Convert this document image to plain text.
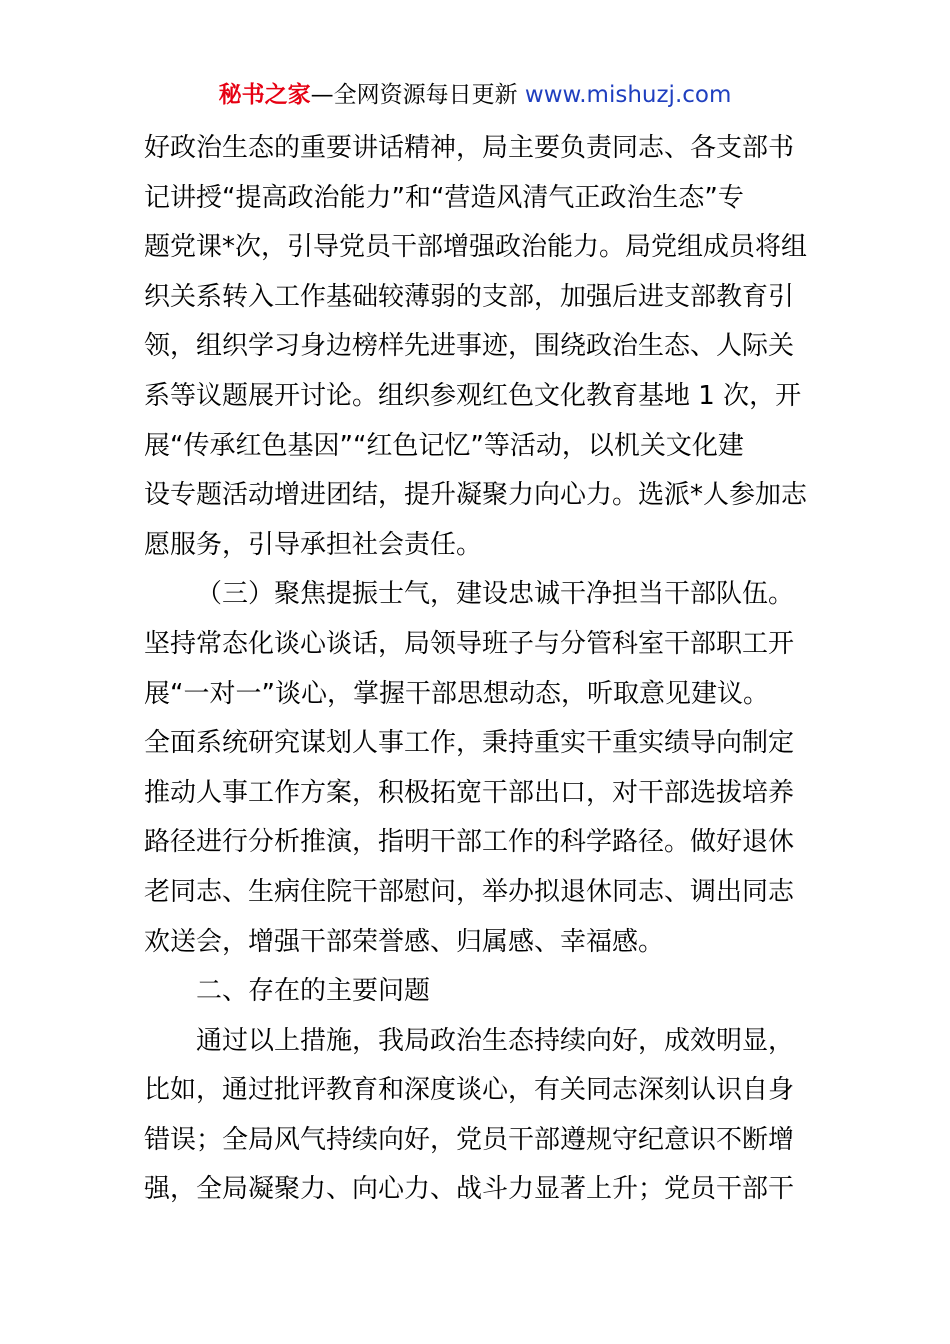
秘书之家—全网资源每日更新 www.mishuzj.com
好政治生态的重要讲话精神，局主要负责同志、各支部书
记讲授“提高政治能力”和“营造风清气正政治生态”专
题党课*次，引导党员干部增强政治能力。局党组成员将组
织关系转入工作基础较薄弱的支部，加强后进支部教育引
领，组织学习身边榜样先进事迹，围绕政治生态、人际关
系等议题展开讨论。组织参观红色文化教育基地 1 次，开
展“传承红色基因”“红色记忆”等活动，以机关文化建
设专题活动增进团结，提升凝聚力向心力。选派*人参加志
愿服务，引导承担社会责任。
（三）聚焦提振士气，建设忠诚干净担当干部队伍。
坚持常态化谈心谈话，局领导班子与分管科室干部职工开
展“一对一”谈心，掌握干部思想动态，听取意见建议。
全面系统研究谋划人事工作，秉持重实干重实绩导向制定
推动人事工作方案，积极拓宽干部出口，对干部选拔培养
路径进行分析推演，指明干部工作的科学路径。做好退休
老同志、生病住院干部慰问，举办拟退休同志、调出同志
欢送会，增强干部荣誉感、归属感、幸福感。
二、存在的主要问题
通过以上措施，我局政治生态持续向好，成效明显，
比如，通过批评教育和深度谈心，有关同志深刻认识自身
错误；全局风气持续向好，党员干部遵规守纪意识不断增
强，全局凝聚力、向心力、战斗力显著上升；党员干部干
